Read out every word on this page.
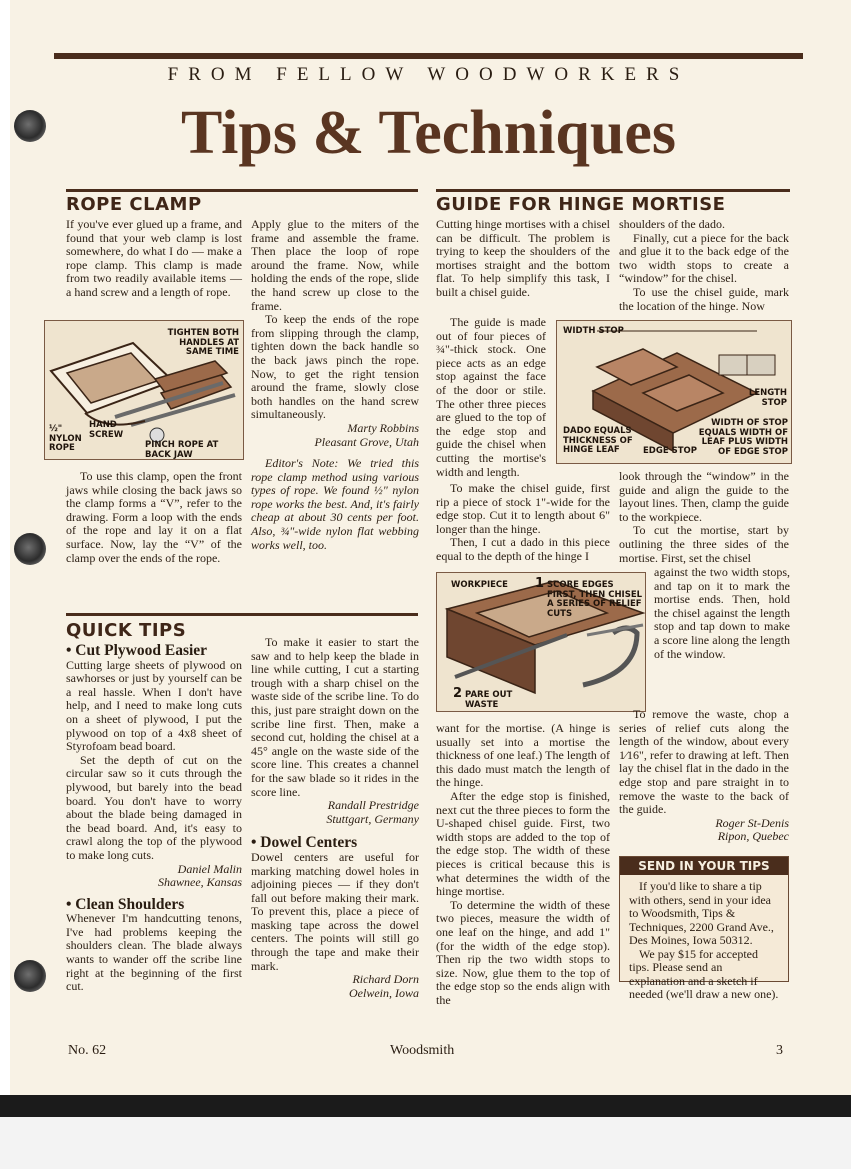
FROM FELLOW WOODWORKERS
Tips & Techniques
ROPE CLAMP

If you've ever glued up a frame, and found that your web clamp is lost somewhere, do what I do — make a rope clamp. This clamp is made from two readily available items — a hand screw and a length of rope.

TIGHTEN BOTH HANDLES AT SAME TIME
½" NYLON ROPE
HAND SCREW
PINCH ROPE AT BACK JAW

To use this clamp, open the front jaws while closing the back jaws so the clamp forms a “V”, refer to the drawing. Form a loop with the ends of the rope and lay it on a flat surface. Now, lay the “V” of the clamp over the ends of the rope.

Apply glue to the miters of the frame and assemble the frame. Then place the loop of rope around the frame. Now, while holding the ends of the rope, slide the hand screw up close to the frame.

To keep the ends of the rope from slipping through the clamp, tighten down the back handle so the back jaws pinch the rope. Now, to get the right tension around the frame, slowly close both handles on the hand screw simultaneously.

Marty Robbins

Pleasant Grove, Utah

Editor's Note: We tried this rope clamp method using various types of rope. We found ½" nylon rope works the best. And, it's fairly cheap at about 30 cents per foot. Also, ¾"-wide nylon flat webbing works well, too.

GUIDE FOR HINGE MORTISE

Cutting hinge mortises with a chisel can be difficult. The problem is trying to keep the shoulders of the mortises straight and the bottom flat. To help simplify this task, I built a chisel guide.

The guide is made out of four pieces of ¾"-thick stock. One piece acts as an edge stop against the face of the door or stile. The other three pieces are glued to the top of the edge stop and guide the chisel when cutting the mortise's width and length.

To make the chisel guide, first rip a piece of stock 1"-wide for the edge stop. Cut it to length about 6" longer than the hinge.

Then, I cut a dado in this piece equal to the depth of the hinge I

shoulders of the dado.

Finally, cut a piece for the back and glue it to the back edge of the two width stops to create a “window” for the chisel.

To use the chisel guide, mark the location of the hinge. Now

WIDTH STOP
LENGTH STOP
DADO EQUALS THICKNESS OF HINGE LEAF	EDGE STOP
WIDTH OF STOP EQUALS WIDTH OF LEAF PLUS WIDTH OF EDGE STOP
WORKPIECE 1 SCORE EDGES FIRST, THEN CHISEL A SERIES OF RELIEF CUTS
2 PARE OUT WASTE

look through the “window” in the guide and align the guide to the layout lines. Then, clamp the guide to the workpiece.

To cut the mortise, start by outlining the three sides of the mortise. First, set the chisel

against the two width stops, and tap on it to mark the mortise ends. Then, hold the chisel against the length stop and tap down to make a score line along the length of the window.

want for the mortise. (A hinge is usually set into a mortise the thickness of one leaf.) The length of this dado must match the length of the hinge.

After the edge stop is finished, next cut the three pieces to form the U-shaped chisel guide. First, two width stops are added to the top of the edge stop. The width of these pieces is critical because this is what determines the width of the hinge mortise.

To determine the width of these two pieces, measure the width of one leaf on the hinge, and add 1" (for the width of the edge stop). Then rip the two width stops to size. Now, glue them to the top of the edge stop so the ends align with the

To remove the waste, chop a series of relief cuts along the length of the window, about every 1⁄16", refer to drawing at left. Then lay the chisel flat in the dado in the edge stop and pare straight in to remove the waste to the back of the guide.

Roger St-Denis

Ripon, Quebec

SEND IN YOUR TIPS

If you'd like to share a tip with others, send in your idea to Woodsmith, Tips & Techniques, 2200 Grand Ave., Des Moines, Iowa 50312.

We pay $15 for accepted tips. Please send an explanation and a sketch if needed (we'll draw a new one).

QUICK TIPS
• Cut Plywood Easier

Cutting large sheets of plywood on sawhorses or just by yourself can be a real hassle. When I don't have help, and I need to make long cuts on a sheet of plywood, I put the plywood on top of a 4x8 sheet of Styrofoam bead board.

Set the depth of cut on the circular saw so it cuts through the plywood, but barely into the bead board. You don't have to worry about the blade being damaged in the bead board. And, it's easy to crawl along the top of the plywood to make long cuts.

Daniel Malin

Shawnee, Kansas

• Clean Shoulders

Whenever I'm handcutting tenons, I've had problems keeping the shoulders clean. The blade always wants to wander off the scribe line right at the beginning of the first cut.

To make it easier to start the saw and to help keep the blade in line while cutting, I cut a starting trough with a sharp chisel on the waste side of the scribe line. To do this, just pare straight down on the scribe line first. Then, make a second cut, holding the chisel at a 45° angle on the waste side of the score line. This creates a channel for the saw blade so it rides in the score line.

Randall Prestridge

Stuttgart, Germany

• Dowel Centers

Dowel centers are useful for marking matching dowel holes in adjoining pieces — if they don't fall out before making their mark. To prevent this, place a piece of masking tape across the dowel centers. The points will still go through the tape and make their mark.

Richard Dorn

Oelwein, Iowa

No. 62	Woodsmith	3
